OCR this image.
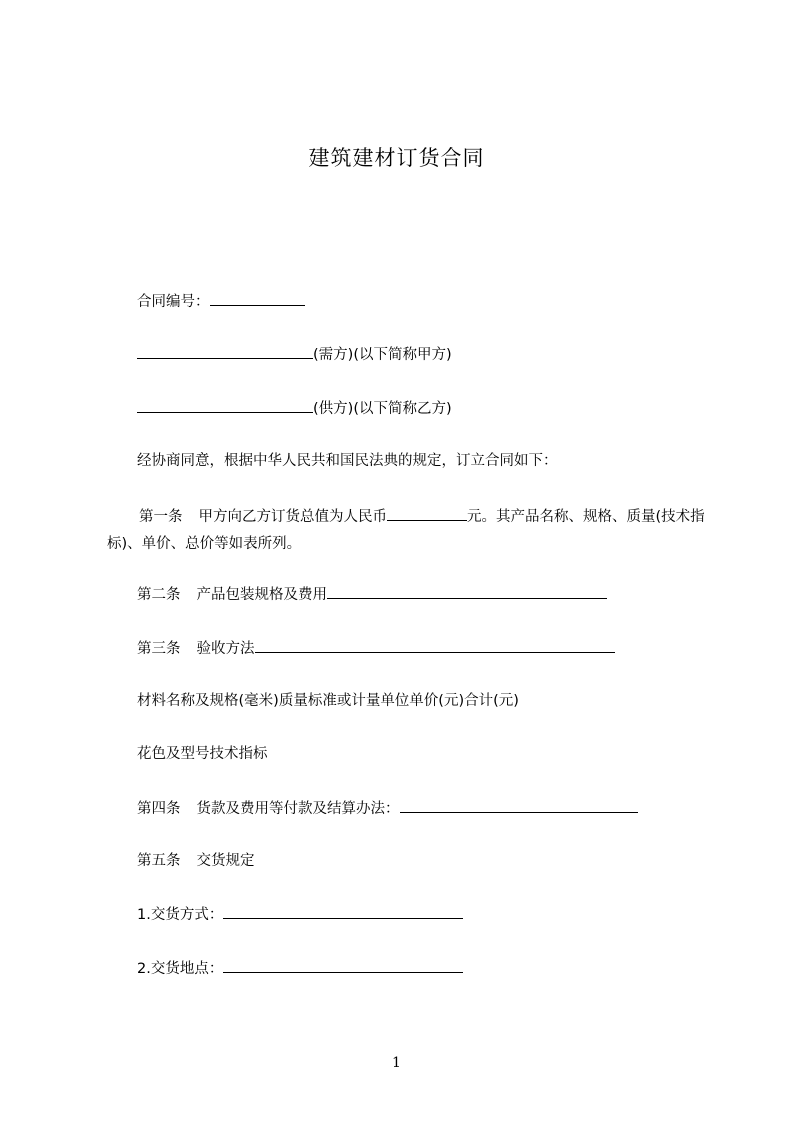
建筑建材订货合同
合同编号：
(需方)(以下简称甲方)
(供方)(以下简称乙方)
经协商同意，根据中华人民共和国民法典的规定，订立合同如下：
第一条 甲方向乙方订货总值为人民币	元。其产品名称、规格、质量(技术指标)、单价、总价等如表所列。
第二条 产品包装规格及费用
第三条 验收方法
材料名称及规格(毫米)质量标准或计量单位单价(元)合计(元)
花色及型号技术指标
第四条 货款及费用等付款及结算办法：
第五条 交货规定
1.交货方式：
2.交货地点：
1
